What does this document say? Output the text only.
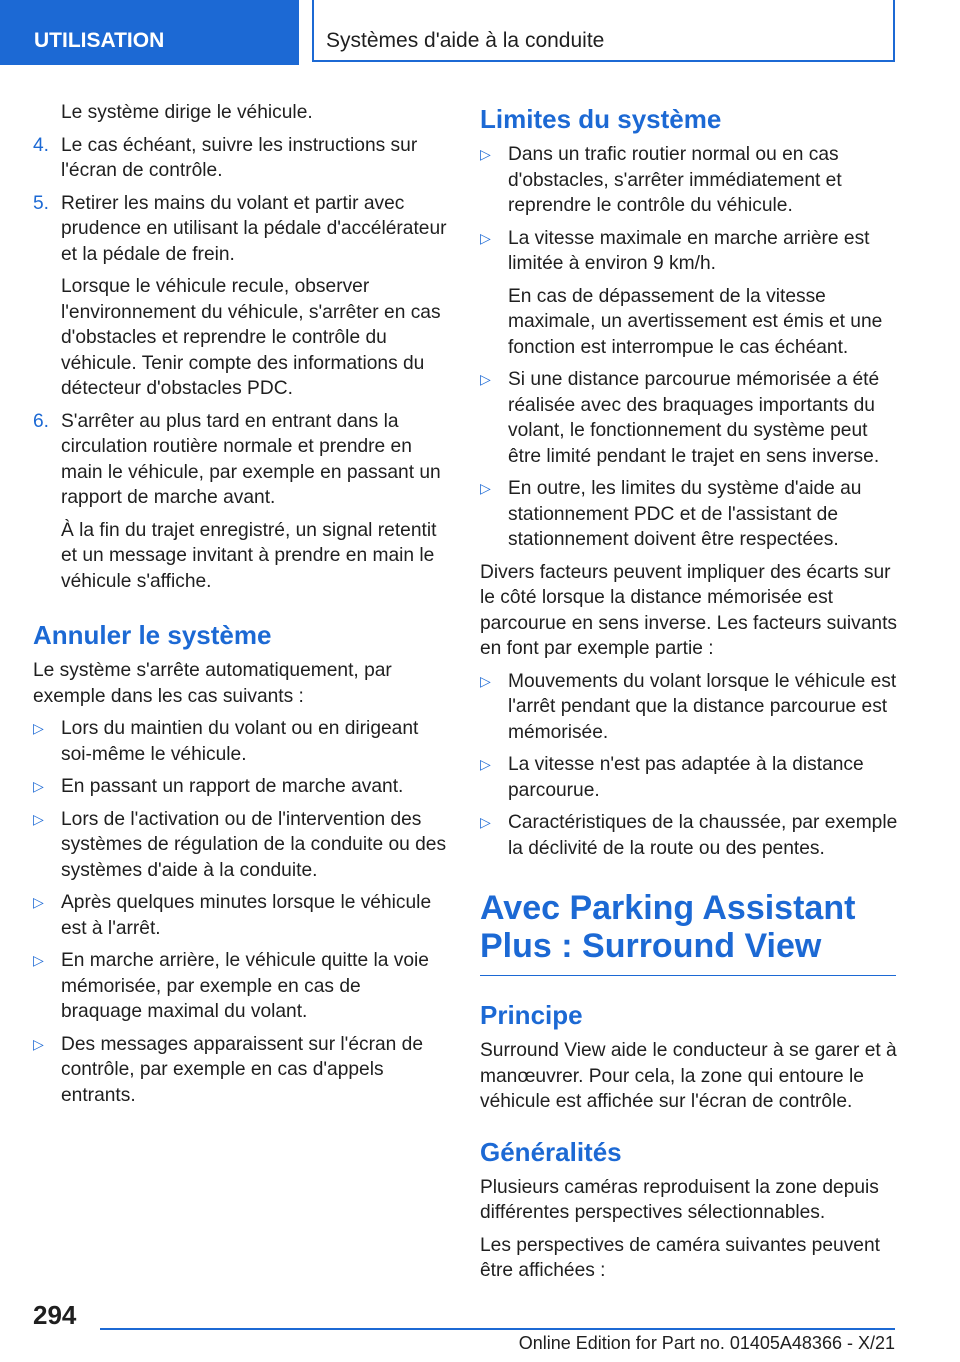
UTILISATION	Systèmes d'aide à la conduite

Le système dirige le véhicule.

4. Le cas échéant, suivre les instructions sur l'écran de contrôle.

5. Retirer les mains du volant et partir avec prudence en utilisant la pédale d'accélérateur et la pédale de frein.

Lorsque le véhicule recule, observer l'environnement du véhicule, s'arrêter en cas d'obstacles et reprendre le contrôle du véhicule. Tenir compte des informations du détecteur d'obstacles PDC.

6. S'arrêter au plus tard en entrant dans la circulation routière normale et prendre en main le véhicule, par exemple en passant un rapport de marche avant.

À la fin du trajet enregistré, un signal retentit et un message invitant à prendre en main le véhicule s'affiche.

Annuler le système

Le système s'arrête automatiquement, par exemple dans les cas suivants :

▷ Lors du maintien du volant ou en dirigeant soi-même le véhicule.

▷ En passant un rapport de marche avant.

▷ Lors de l'activation ou de l'intervention des systèmes de régulation de la conduite ou des systèmes d'aide à la conduite.

▷ Après quelques minutes lorsque le véhicule est à l'arrêt.

▷ En marche arrière, le véhicule quitte la voie mémorisée, par exemple en cas de braquage maximal du volant.

▷ Des messages apparaissent sur l'écran de contrôle, par exemple en cas d'appels entrants.

Limites du système
▷ Dans un trafic routier normal ou en cas d'obstacles, s'arrêter immédiatement et reprendre le contrôle du véhicule.

▷ La vitesse maximale en marche arrière est limitée à environ 9 km/h.

En cas de dépassement de la vitesse maximale, un avertissement est émis et une fonction est interrompue le cas échéant.

▷ Si une distance parcourue mémorisée a été réalisée avec des braquages importants du volant, le fonctionnement du système peut être limité pendant le trajet en sens inverse.

▷ En outre, les limites du système d'aide au stationnement PDC et de l'assistant de stationnement doivent être respectées.

Divers facteurs peuvent impliquer des écarts sur le côté lorsque la distance mémorisée est parcourue en sens inverse. Les facteurs suivants en font par exemple partie :

▷ Mouvements du volant lorsque le véhicule est l'arrêt pendant que la distance parcourue est mémorisée.

▷ La vitesse n'est pas adaptée à la distance parcourue.

▷ Caractéristiques de la chaussée, par exemple la déclivité de la route ou des pentes.

Avec Parking Assistant Plus : Surround View
Principe

Surround View aide le conducteur à se garer et à manœuvrer. Pour cela, la zone qui entoure le véhicule est affichée sur l'écran de contrôle.

Généralités

Plusieurs caméras reproduisent la zone depuis différentes perspectives sélectionnables.

Les perspectives de caméra suivantes peuvent être affichées :

294
Online Edition for Part no. 01405A48366 - X/21
